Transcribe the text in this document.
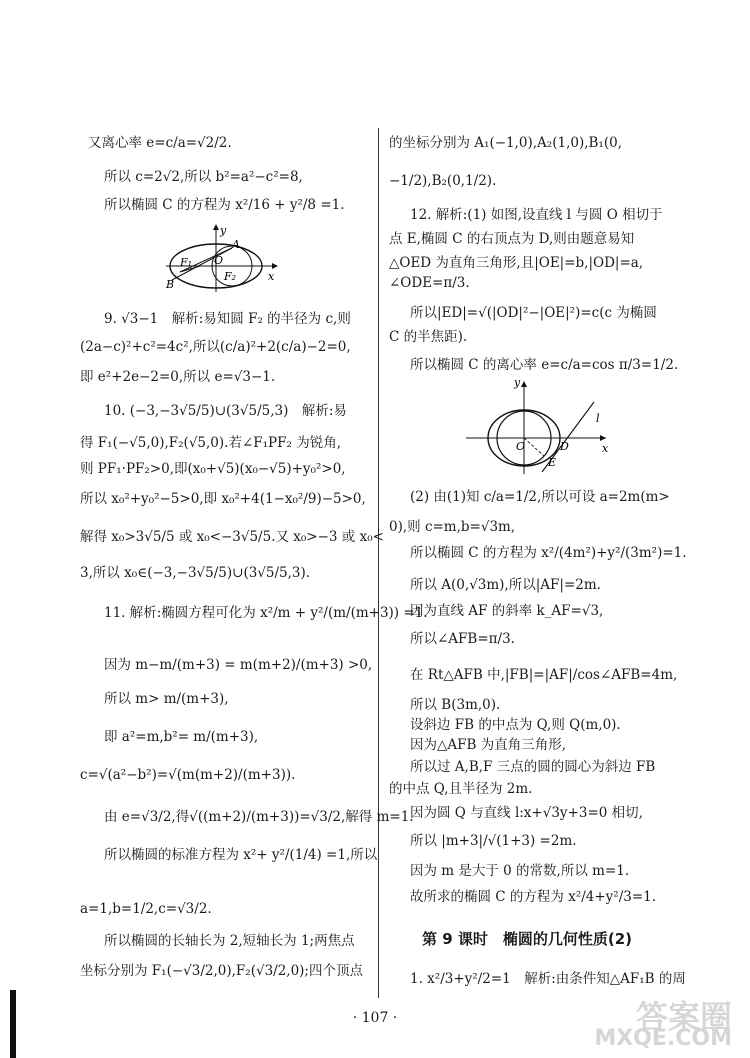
又离心率 e=c/a=√2/2.
所以 c=2√2,所以 b²=a²−c²=8,
所以椭圆 C 的方程为 x²/16 + y²/8 =1.
y
x
A
O
F₁
F₂
B
9. √3−1　解析:易知圆 F₂ 的半径为 c,则
(2a−c)²+c²=4c²,所以(c/a)²+2(c/a)−2=0,
即 e²+2e−2=0,所以 e=√3−1.
10. (−3,−3√5/5)∪(3√5/5,3)　解析:易
得 F₁(−√5,0),F₂(√5,0).若∠F₁PF₂ 为锐角,
则 PF₁·PF₂>0,即(x₀+√5)(x₀−√5)+y₀²>0,
所以 x₀²+y₀²−5>0,即 x₀²+4(1−x₀²/9)−5>0,
解得 x₀>3√5/5 或 x₀<−3√5/5.又 x₀>−3 或 x₀<
3,所以 x₀∈(−3,−3√5/5)∪(3√5/5,3).
11. 解析:椭圆方程可化为 x²/m + y²/(m/(m+3)) =1.
因为 m−m/(m+3) = m(m+2)/(m+3) >0,
所以 m> m/(m+3),
即 a²=m,b²= m/(m+3),
c=√(a²−b²)=√(m(m+2)/(m+3)).
由 e=√3/2,得√((m+2)/(m+3))=√3/2,解得 m=1.
所以椭圆的标准方程为 x²+ y²/(1/4) =1,所以
a=1,b=1/2,c=√3/2.
所以椭圆的长轴长为 2,短轴长为 1;两焦点
坐标分别为 F₁(−√3/2,0),F₂(√3/2,0);四个顶点
的坐标分别为 A₁(−1,0),A₂(1,0),B₁(0,
−1/2),B₂(0,1/2).
12. 解析:(1) 如图,设直线 l 与圆 O 相切于
点 E,椭圆 C 的右顶点为 D,则由题意易知
△OED 为直角三角形,且|OE|=b,|OD|=a,
∠ODE=π/3.
所以|ED|=√(|OD|²−|OE|²)=c(c 为椭圆
C 的半焦距).
所以椭圆 C 的离心率 e=c/a=cos π/3=1/2.
y
x
O	D
E
l
(2) 由(1)知 c/a=1/2,所以可设 a=2m(m>
0),则 c=m,b=√3m,
所以椭圆 C 的方程为 x²/(4m²)+y²/(3m²)=1.
所以 A(0,√3m),所以|AF|=2m.
因为直线 AF 的斜率 k_AF=√3,
所以∠AFB=π/3.
在 Rt△AFB 中,|FB|=|AF|/cos∠AFB=4m,
所以 B(3m,0).
设斜边 FB 的中点为 Q,则 Q(m,0).
因为△AFB 为直角三角形,
所以过 A,B,F 三点的圆的圆心为斜边 FB
的中点 Q,且半径为 2m.
因为圆 Q 与直线 l:x+√3y+3=0 相切,
所以 |m+3|/√(1+3) =2m.
因为 m 是大于 0 的常数,所以 m=1.
故所求的椭圆 C 的方程为 x²/4+y²/3=1.
第 9 课时　椭圆的几何性质(2)
1. x²/3+y²/2=1　解析:由条件知△AF₁B 的周
· 107 ·	答案圈
MXQE.COM
